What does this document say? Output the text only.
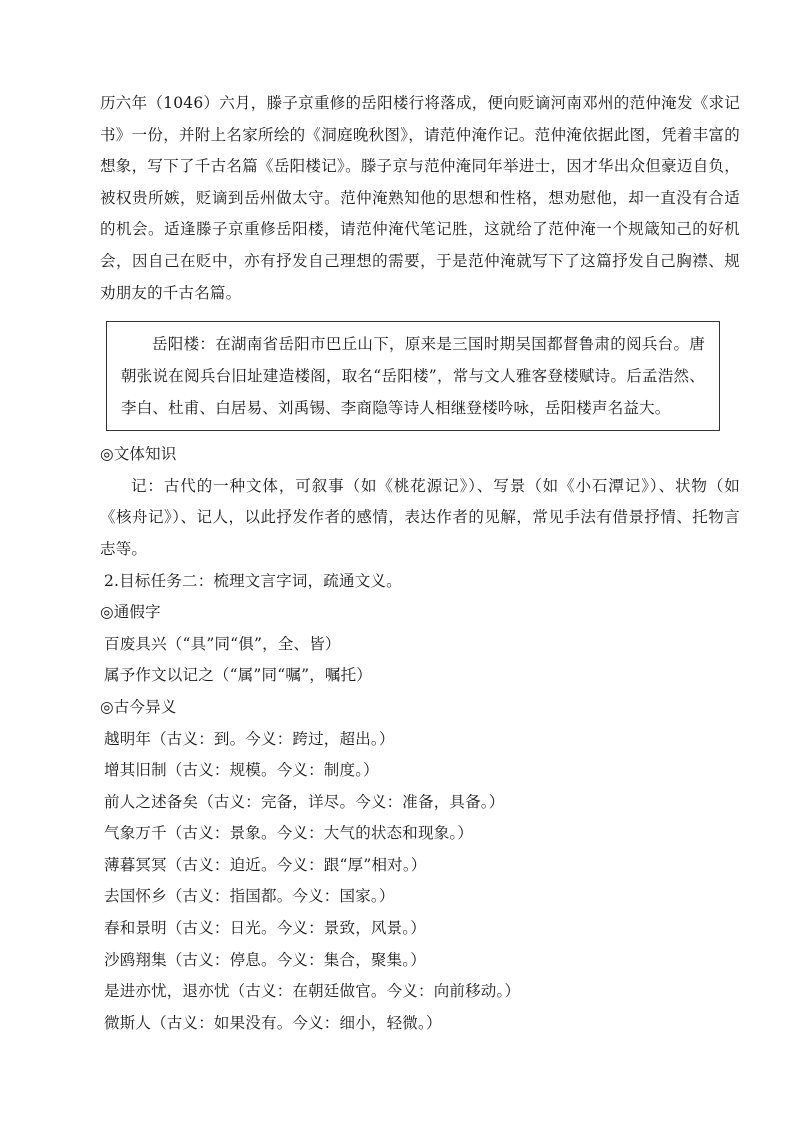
历六年（1046）六月，滕子京重修的岳阳楼行将落成，便向贬谪河南邓州的范仲淹发《求记书》一份，并附上名家所绘的《洞庭晚秋图》，请范仲淹作记。范仲淹依据此图，凭着丰富的想象，写下了千古名篇《岳阳楼记》。滕子京与范仲淹同年举进士，因才华出众但豪迈自负，被权贵所嫉，贬谪到岳州做太守。范仲淹熟知他的思想和性格，想劝慰他，却一直没有合适的机会。适逢滕子京重修岳阳楼，请范仲淹代笔记胜，这就给了范仲淹一个规箴知己的好机会，因自己在贬中，亦有抒发自己理想的需要，于是范仲淹就写下了这篇抒发自己胸襟、规劝朋友的千古名篇。

岳阳楼：在湖南省岳阳市巴丘山下，原来是三国时期吴国都督鲁肃的阅兵台。唐朝张说在阅兵台旧址建造楼阁，取名“岳阳楼”，常与文人雅客登楼赋诗。后孟浩然、李白、杜甫、白居易、刘禹锡、李商隐等诗人相继登楼吟咏，岳阳楼声名益大。

◎文体知识

记：古代的一种文体，可叙事（如《桃花源记》）、写景（如《小石潭记》）、状物（如《核舟记》）、记人，以此抒发作者的感情，表达作者的见解，常见手法有借景抒情、托物言志等。

2.目标任务二：梳理文言字词，疏通文义。

◎通假字

百废具兴（“具”同“俱”，全、皆）

属予作文以记之（“属”同“嘱”，嘱托）

◎古今异义

越明年（古义：到。今义：跨过，超出。）

增其旧制（古义：规模。今义：制度。）

前人之述备矣（古义：完备，详尽。今义：准备，具备。）

气象万千（古义：景象。今义：大气的状态和现象。）

薄暮冥冥（古义：迫近。今义：跟“厚”相对。）

去国怀乡（古义：指国都。今义：国家。）

春和景明（古义：日光。今义：景致，风景。）

沙鸥翔集（古义：停息。今义：集合，聚集。）

是进亦忧，退亦忧（古义：在朝廷做官。今义：向前移动。）

微斯人（古义：如果没有。今义：细小，轻微。）
